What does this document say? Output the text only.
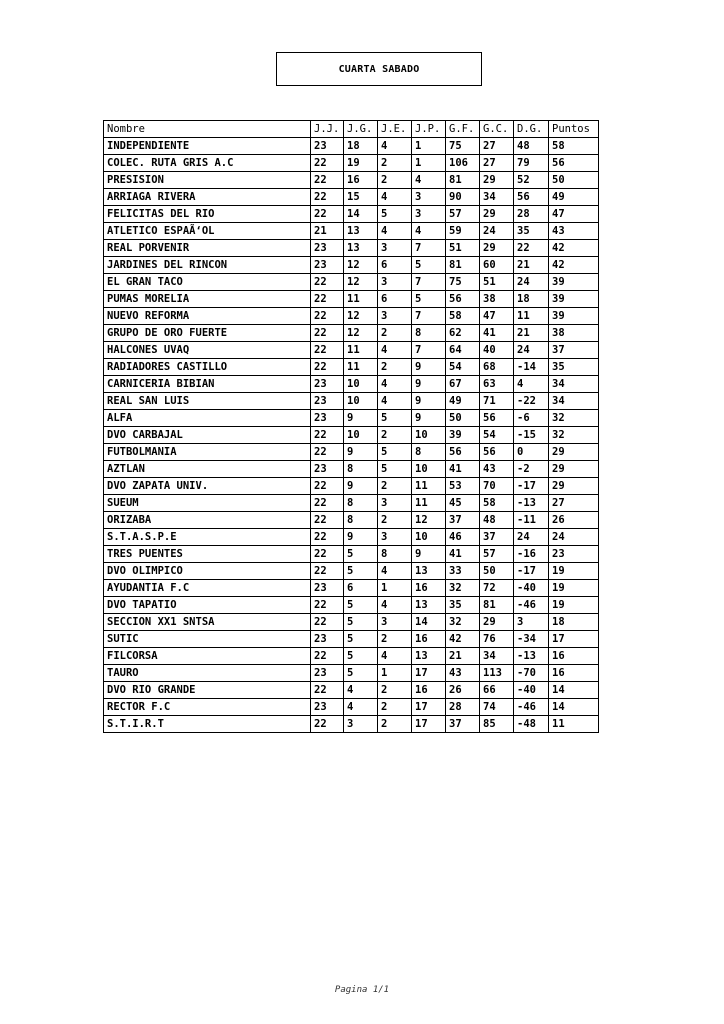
CUARTA SABADO
Nombre	J.J.	J.G.	J.E.	J.P.	G.F.	G.C.	D.G.	Puntos
INDEPENDIENTE	23	18	4	1	75	27	48	58
COLEC. RUTA GRIS A.C	22	19	2	1	106	27	79	56
PRESISION	22	16	2	4	81	29	52	50
ARRIAGA RIVERA	22	15	4	3	90	34	56	49
FELICITAS DEL RIO	22	14	5	3	57	29	28	47
ATLETICO ESPAÃ‘OL	21	13	4	4	59	24	35	43
REAL PORVENIR	23	13	3	7	51	29	22	42
JARDINES DEL RINCON	23	12	6	5	81	60	21	42
EL GRAN TACO	22	12	3	7	75	51	24	39
PUMAS MORELIA	22	11	6	5	56	38	18	39
NUEVO REFORMA	22	12	3	7	58	47	11	39
GRUPO DE ORO FUERTE	22	12	2	8	62	41	21	38
HALCONES UVAQ	22	11	4	7	64	40	24	37
RADIADORES CASTILLO	22	11	2	9	54	68	-14	35
CARNICERIA BIBIAN	23	10	4	9	67	63	4	34
REAL SAN LUIS	23	10	4	9	49	71	-22	34
ALFA	23	9	5	9	50	56	-6	32
DVO CARBAJAL	22	10	2	10	39	54	-15	32
FUTBOLMANIA	22	9	5	8	56	56	0	29
AZTLAN	23	8	5	10	41	43	-2	29
DVO ZAPATA UNIV.	22	9	2	11	53	70	-17	29
SUEUM	22	8	3	11	45	58	-13	27
ORIZABA	22	8	2	12	37	48	-11	26
S.T.A.S.P.E	22	9	3	10	46	37	24	24
TRES PUENTES	22	5	8	9	41	57	-16	23
DVO OLIMPICO	22	5	4	13	33	50	-17	19
AYUDANTIA F.C	23	6	1	16	32	72	-40	19
DVO TAPATIO	22	5	4	13	35	81	-46	19
SECCION XX1 SNTSA	22	5	3	14	32	29	3	18
SUTIC	23	5	2	16	42	76	-34	17
FILCORSA	22	5	4	13	21	34	-13	16
TAURO	23	5	1	17	43	113	-70	16
DVO RIO GRANDE	22	4	2	16	26	66	-40	14
RECTOR F.C	23	4	2	17	28	74	-46	14
S.T.I.R.T	22	3	2	17	37	85	-48	11
Pagina 1/1
